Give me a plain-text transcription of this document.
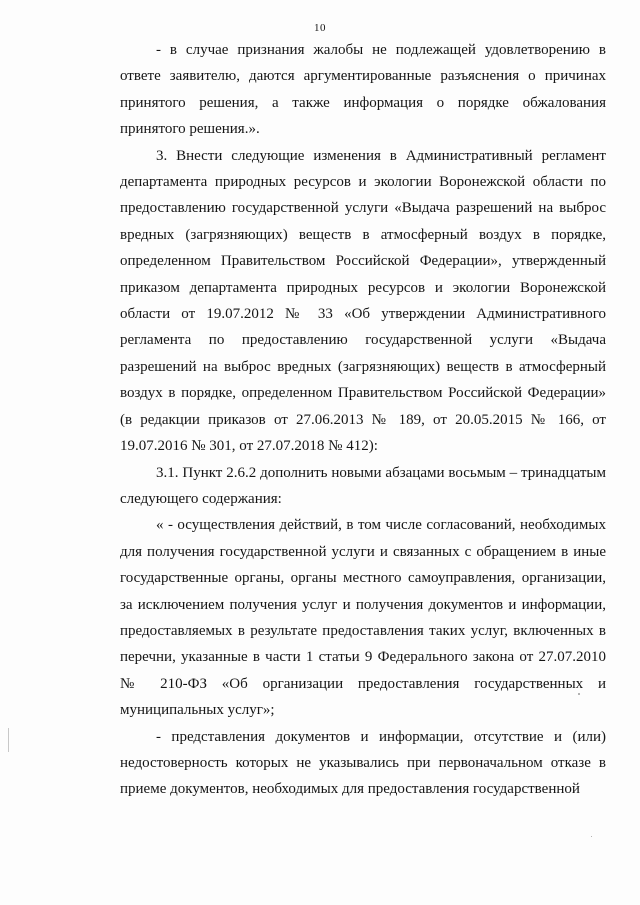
10

- в случае признания жалобы не подлежащей удовлетворению в ответе заявителю, даются аргументированные разъяснения о причинах принятого решения, а также информация о порядке обжалования принятого решения.».

3. Внести следующие изменения в Административный регламент департамента природных ресурсов и экологии Воронежской области по предоставлению государственной услуги «Выдача разрешений на выброс вредных (загрязняющих) веществ в атмосферный воздух в порядке, определенном Правительством Российской Федерации», утвержденный приказом департамента природных ресурсов и экологии Воронежской области от 19.07.2012 № 33 «Об утверждении Административного регламента по предоставлению государственной услуги «Выдача разрешений на выброс вредных (загрязняющих) веществ в атмосферный воздух в порядке, определенном Правительством Российской Федерации» (в редакции приказов от 27.06.2013 № 189, от 20.05.2015 № 166, от 19.07.2016 № 301, от 27.07.2018 № 412):

3.1. Пункт 2.6.2 дополнить новыми абзацами восьмым – тринадцатым следующего содержания:

« - осуществления действий, в том числе согласований, необходимых для получения государственной услуги и связанных с обращением в иные государственные органы, органы местного самоуправления, организации, за исключением получения услуг и получения документов и информации, предоставляемых в результате предоставления таких услуг, включенных в перечни, указанные в части 1 статьи 9 Федерального закона от 27.07.2010 № 210-ФЗ «Об организации предоставления государственных и муниципальных услуг»;

- представления документов и информации, отсутствие и (или) недостоверность которых не указывались при первоначальном отказе в приеме документов, необходимых для предоставления государственной
